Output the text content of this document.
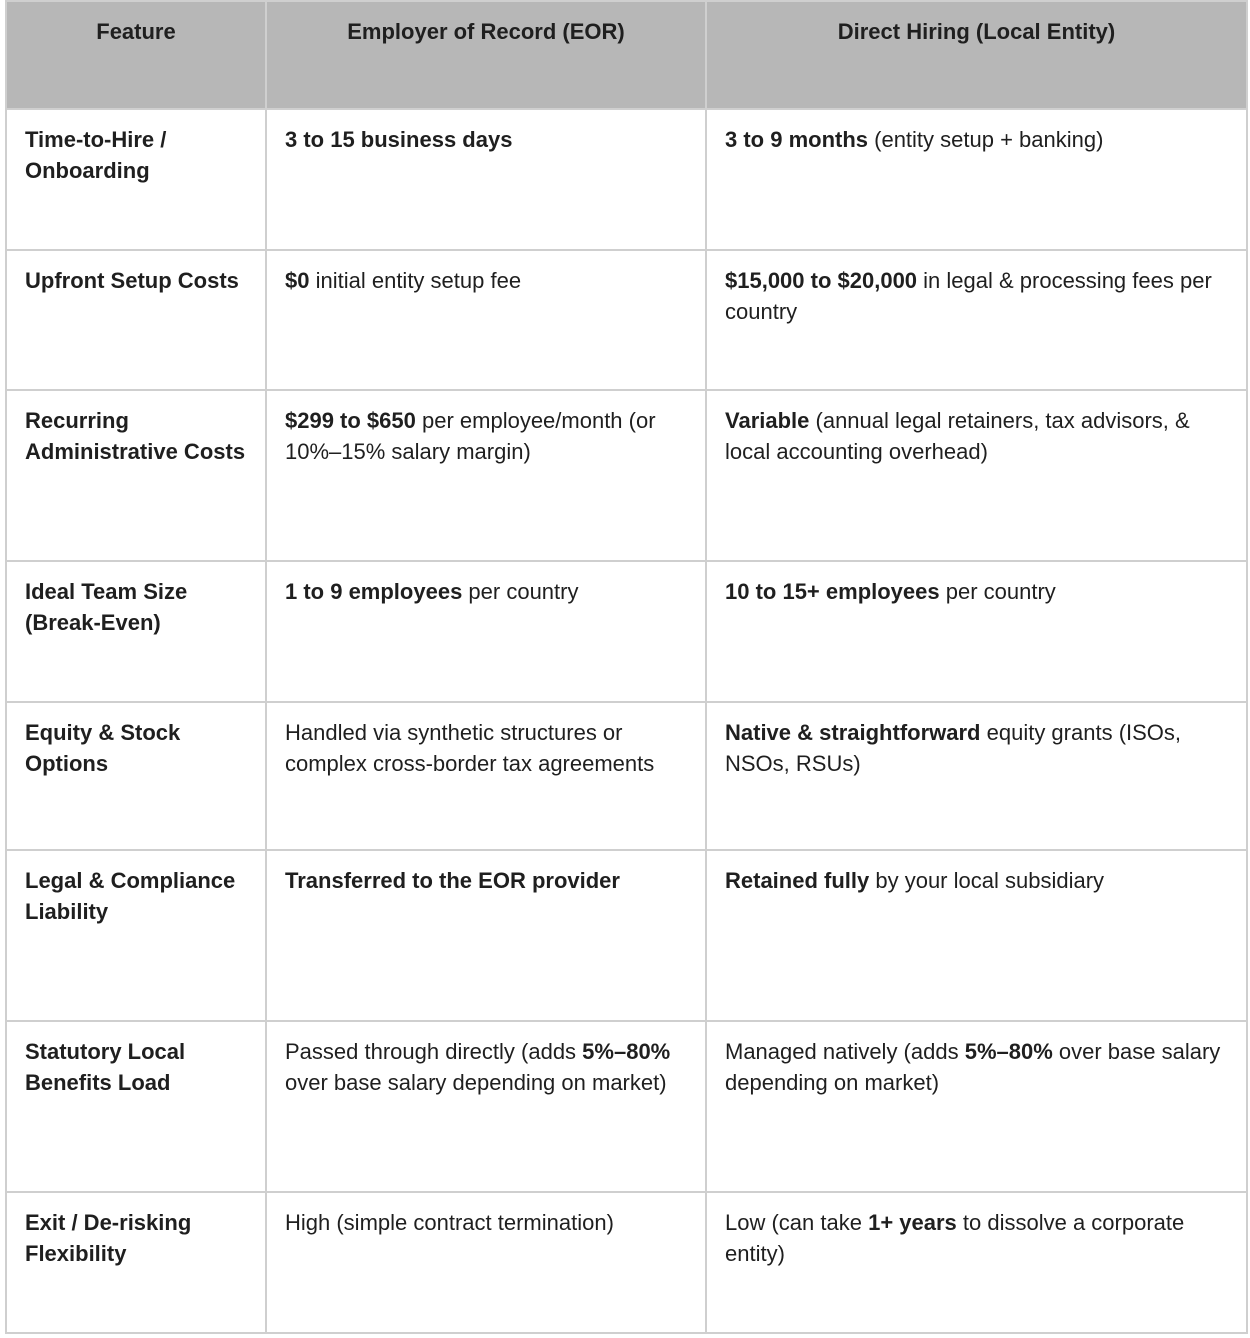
Feature	Employer of Record (EOR)	Direct Hiring (Local Entity)
Time-to-Hire / Onboarding	3 to 15 business days	3 to 9 months (entity setup + banking)
Upfront Setup Costs	$0 initial entity setup fee	$15,000 to $20,000 in legal & processing fees per country
Recurring Administrative Costs	$299 to $650 per employee/month (or 10%–15% salary margin)	Variable (annual legal retainers, tax advisors, & local accounting overhead)
Ideal Team Size (Break-Even)	1 to 9 employees per country	10 to 15+ employees per country
Equity & Stock Options	Handled via synthetic structures or complex cross-border tax agreements	Native & straightforward equity grants (ISOs, NSOs, RSUs)
Legal & Compliance Liability	Transferred to the EOR provider	Retained fully by your local subsidiary
Statutory Local Benefits Load	Passed through directly (adds 5%–80% over base salary depending on market)	Managed natively (adds 5%–80% over base salary depending on market)
Exit / De-risking Flexibility	High (simple contract termination)	Low (can take 1+ years to dissolve a corporate entity)
